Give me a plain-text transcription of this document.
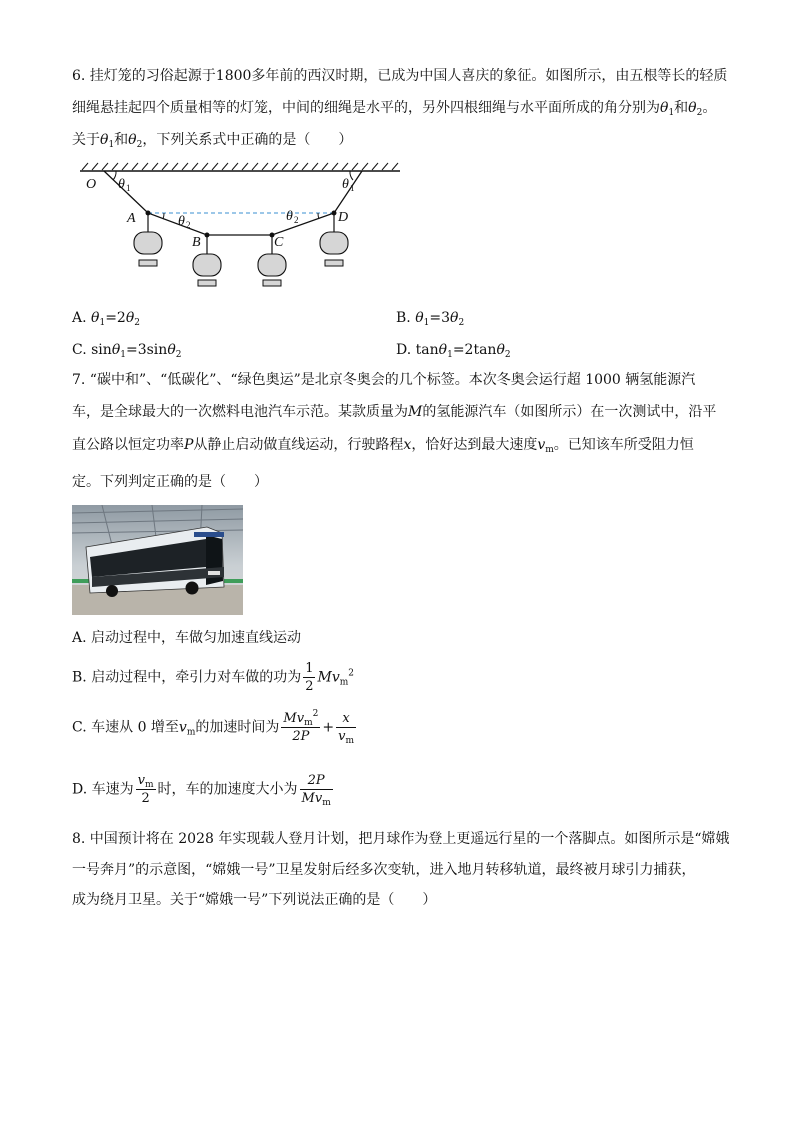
6. 挂灯笼的习俗起源于1800多年前的西汉时期，已成为中国人喜庆的象征。如图所示，由五根等长的轻质
细绳悬挂起四个质量相等的灯笼，中间的细绳是水平的，另外四根细绳与水平面所成的角分别为$\theta_1$和$\theta_2$。
关于$\theta_1$和$\theta_2$，下列关系式中正确的是（　　）
O
A
B	C
D
θ	θ
θ	θ
1	1
2	2
A. $\theta_1=2\theta_2$	B. $\theta_1=3\theta_2$
C. sinθ$_1$=3sinθ$_2$	D. tanθ$_1$=2tanθ$_2$
7. “碳中和”、“低碳化”、“绿色奥运”是北京冬奥会的几个标签。本次冬奥会运行超 1000 辆氢能源汽
车，是全球最大的一次燃料电池汽车示范。某款质量为M的氢能源汽车（如图所示）在一次测试中，沿平
直公路以恒定功率P从静止启动做直线运动，行驶路程x，恰好达到最大速度$v_m$。已知该车所受阻力恒
定。下列判定正确的是（　　）
A. 启动过程中，车做匀加速直线运动
B. 启动过程中，牵引力对车做的功为 $\frac{1}{2} Mv_m^2$
C. 车速从 0 增至$v_m$的加速时间为 $\frac{Mv_m^2}{2P} + \frac{x}{v_m}$
D. 车速为 $\frac{v_m}{2}$ 时，车的加速度大小为 $\frac{2P}{Mv_m}$
8. 中国预计将在 2028 年实现载人登月计划，把月球作为登上更遥远行星的一个落脚点。如图所示是“嫦娥
一号奔月”的示意图，“嫦娥一号”卫星发射后经多次变轨，进入地月转移轨道，最终被月球引力捕获，
成为绕月卫星。关于“嫦娥一号”下列说法正确的是（　　）
